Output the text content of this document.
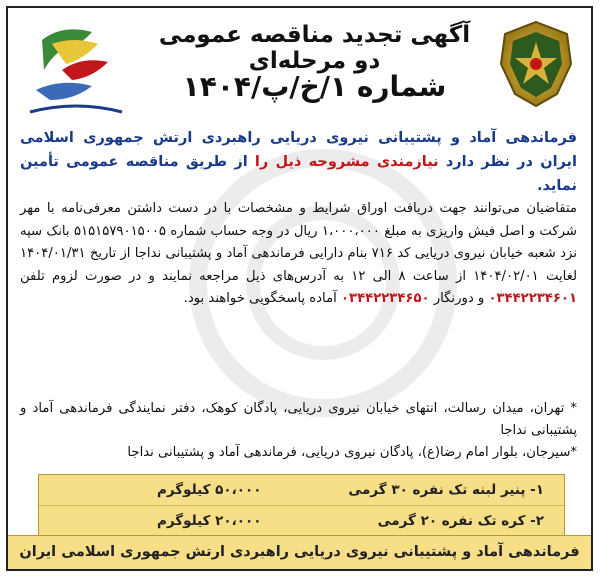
آگهی تجدید مناقصه عمومی دو مرحله‌ای
شماره ۱/خ/پ/۱۴۰۴
فرماندهی آماد و پشتیبانی نیروی دریایی راهبردی ارتش جمهوری اسلامی ایران در نظر دارد نیازمندی مشروحه ذیل را از طریق مناقصه عمومی تأمین نماید.
متقاضیان می‌توانند جهت دریافت اوراق شرایط و مشخصات با در دست داشتن معرفی‌نامه با مهر شرکت و اصل فیش واریزی به مبلغ ۱،۰۰۰،۰۰۰ ریال در وجه حساب شماره ۵۱۵۱۵۷۹۰۱۵۰۰۵ بانک سپه نزد شعبه خیابان نیروی دریایی کد ۷۱۶ بنام دارایی فرماندهی آماد و پشتیبانی نداجا از تاریخ ۱۴۰۴/۰۱/۳۱ لغایت ۱۴۰۴/۰۲/۰۱ از ساعت ۸ الی ۱۲ به آدرس‌های ذیل مراجعه نمایند و در صورت لزوم تلفن ۰۳۴۴۲۲۳۴۶۰۱ و دورنگار ۰۳۴۴۲۲۳۴۶۵۰ آماده پاسخگویی خواهند بود.
* تهران، میدان رسالت، انتهای خیابان نیروی دریایی، پادگان کوهک، دفتر نمایندگی فرماندهی آماد و پشتیبانی نداجا
*سیرجان، بلوار امام رضا(ع)، پادگان نیروی دریایی، فرماندهی آماد و پشتیبانی نداجا
۱- پنیر لبنه تک نفره ۳۰ گرمی
۵۰،۰۰۰ کیلوگرم
۲- کره تک نفره ۲۰ گرمی
۲۰،۰۰۰ کیلوگرم
فرماندهی آماد و پشتیبانی نیروی دریایی راهبردی ارتش جمهوری اسلامی ایران
